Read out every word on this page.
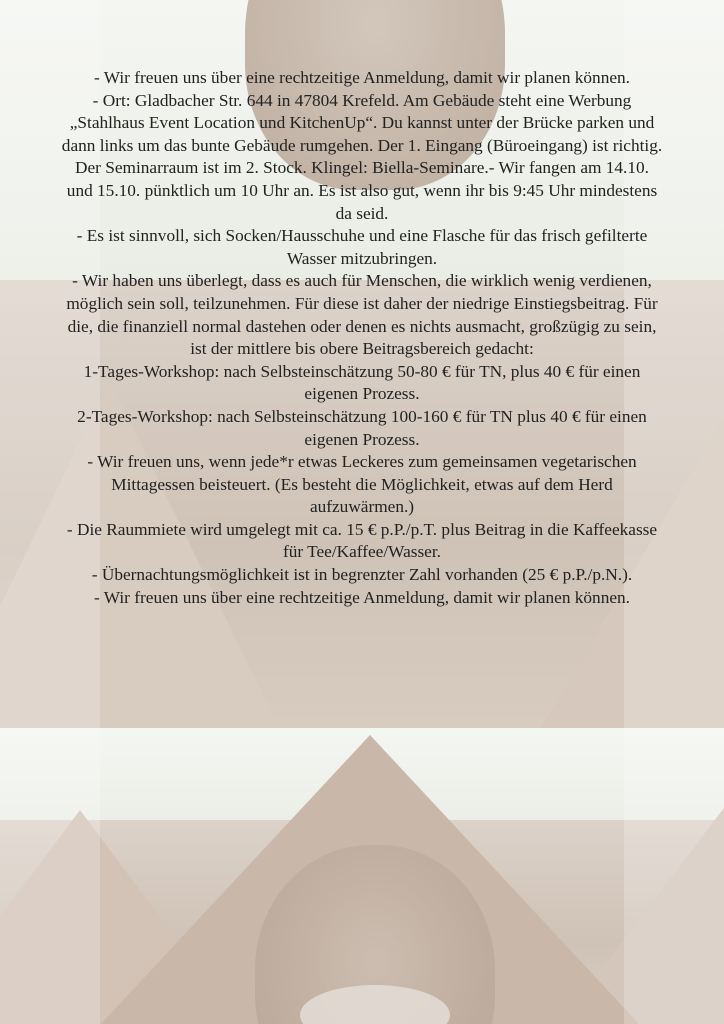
- Wir freuen uns über eine rechtzeitige Anmeldung, damit wir planen können.

- Ort: Gladbacher Str. 644 in 47804 Krefeld. Am Gebäude steht eine Werbung „Stahlhaus Event Location und KitchenUp“. Du kannst unter der Brücke parken und dann links um das bunte Gebäude rumgehen. Der 1. Eingang (Büroeingang) ist richtig. Der Seminarraum ist im 2. Stock. Klingel: Biella-Seminare.- Wir fangen am 14.10. und 15.10. pünktlich um 10 Uhr an. Es ist also gut, wenn ihr bis 9:45 Uhr mindestens da seid.

- Es ist sinnvoll, sich Socken/Hausschuhe und eine Flasche für das frisch gefilterte Wasser mitzubringen.

- Wir haben uns überlegt, dass es auch für Menschen, die wirklich wenig verdienen, möglich sein soll, teilzunehmen. Für diese ist daher der niedrige Einstiegsbeitrag. Für die, die finanziell normal dastehen oder denen es nichts ausmacht, großzügig zu sein, ist der mittlere bis obere Beitragsbereich gedacht:

1-Tages-Workshop: nach Selbsteinschätzung 50-80 € für TN, plus 40 € für einen eigenen Prozess.

2-Tages-Workshop: nach Selbsteinschätzung 100-160 € für TN plus 40 € für einen eigenen Prozess.

- Wir freuen uns, wenn jede*r etwas Leckeres zum gemeinsamen vegetarischen Mittagessen beisteuert. (Es besteht die Möglichkeit, etwas auf dem Herd aufzuwärmen.)

- Die Raummiete wird umgelegt mit ca. 15 € p.P./p.T. plus Beitrag in die Kaffeekasse für Tee/Kaffee/Wasser.

- Übernachtungsmöglichkeit ist in begrenzter Zahl vorhanden (25 € p.P./p.N.).

- Wir freuen uns über eine rechtzeitige Anmeldung, damit wir planen können.
